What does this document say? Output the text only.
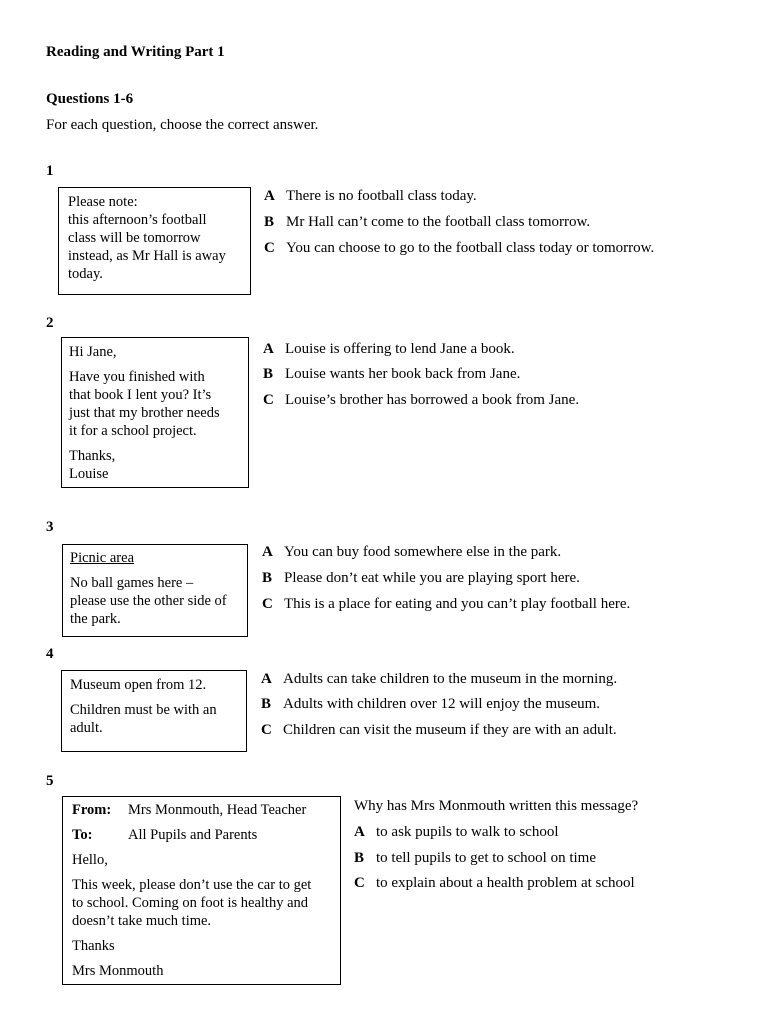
Reading and Writing Part 1
Questions 1-6
For each question, choose the correct answer.
1
Please note:
this afternoon’s football
class will be tomorrow
instead, as Mr Hall is away
today.
A There is no football class today.
B Mr Hall can’t come to the football class tomorrow.
C You can choose to go to the football class today or tomorrow.
2

Hi Jane,

Have you finished with
that book I lent you? It’s
just that my brother needs
it for a school project.

Thanks,
Louise

A Louise is offering to lend Jane a book.
B Louise wants her book back from Jane.
C Louise’s brother has borrowed a book from Jane.
3

Picnic area

No ball games here –
please use the other side of
the park.

A You can buy food somewhere else in the park.
B Please don’t eat while you are playing sport here.
C This is a place for eating and you can’t play football here.
4

Museum open from 12.

Children must be with an
adult.

A Adults can take children to the museum in the morning.
B Adults with children over 12 will enjoy the museum.
C Children can visit the museum if they are with an adult.
5

From:	Mrs Monmouth, Head Teacher

To:	All Pupils and Parents

Hello,

This week, please don’t use the car to get
to school. Coming on foot is healthy and
doesn’t take much time.

Thanks

Mrs Monmouth

Why has Mrs Monmouth written this message?
A to ask pupils to walk to school
B to tell pupils to get to school on time
C to explain about a health problem at school
